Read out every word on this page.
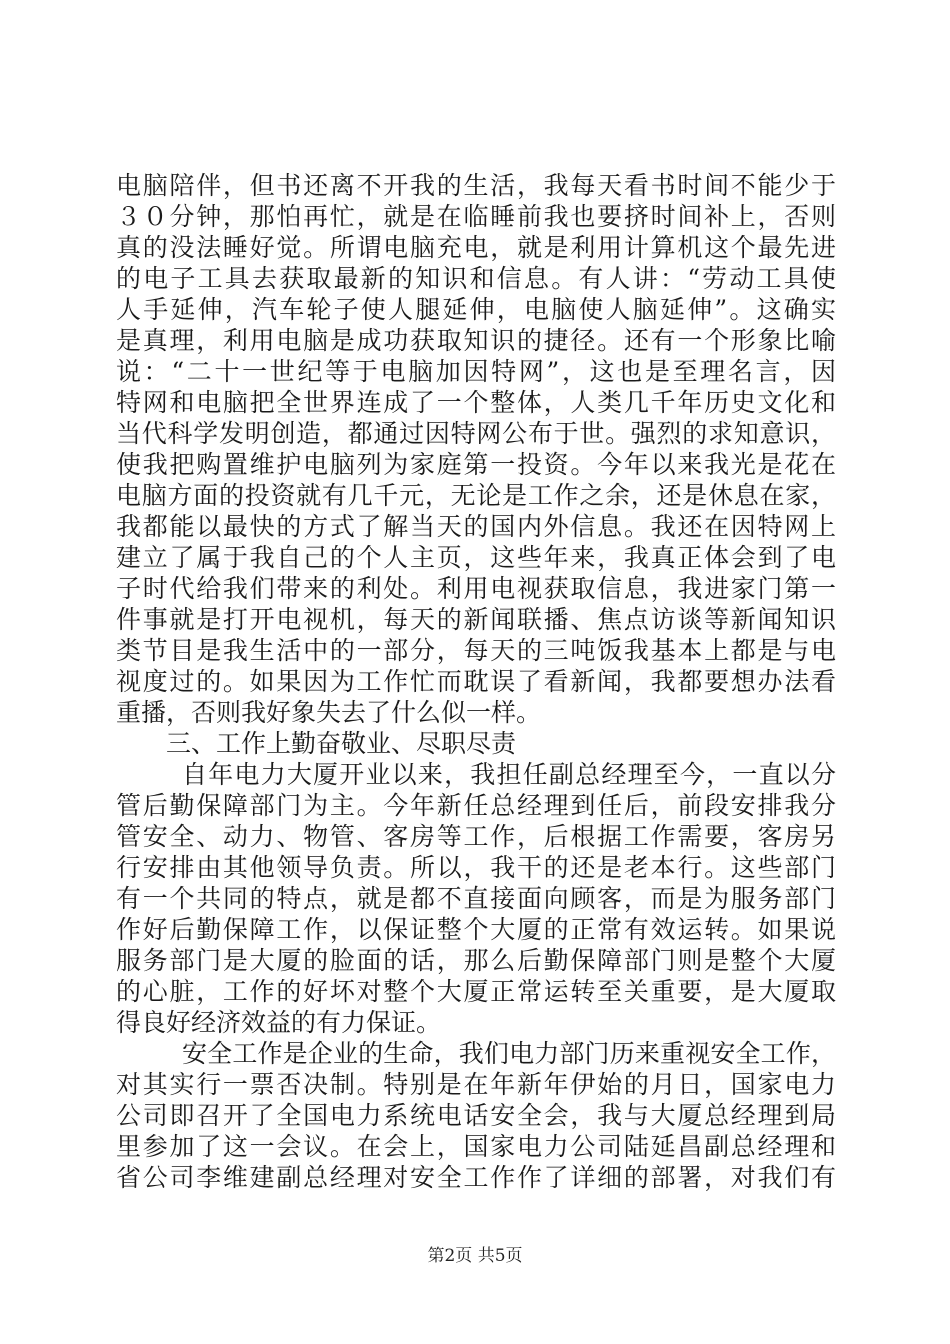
电脑陪伴，但书还离不开我的生活，我每天看书时间不能少于
３０分钟，那怕再忙，就是在临睡前我也要挤时间补上，否则
真的没法睡好觉。所谓电脑充电，就是利用计算机这个最先进
的电子工具去获取最新的知识和信息。有人讲：“劳动工具使
人手延伸，汽车轮子使人腿延伸，电脑使人脑延伸”。这确实
是真理，利用电脑是成功获取知识的捷径。还有一个形象比喻
说：“二十一世纪等于电脑加因特网”，这也是至理名言，因
特网和电脑把全世界连成了一个整体，人类几千年历史文化和
当代科学发明创造，都通过因特网公布于世。强烈的求知意识，
使我把购置维护电脑列为家庭第一投资。今年以来我光是花在
电脑方面的投资就有几千元，无论是工作之余，还是休息在家，
我都能以最快的方式了解当天的国内外信息。我还在因特网上
建立了属于我自己的个人主页，这些年来，我真正体会到了电
子时代给我们带来的利处。利用电视获取信息，我进家门第一
件事就是打开电视机，每天的新闻联播、焦点访谈等新闻知识
类节目是我生活中的一部分，每天的三吨饭我基本上都是与电
视度过的。如果因为工作忙而耽误了看新闻，我都要想办法看
重播，否则我好象失去了什么似一样。
三、工作上勤奋敬业、尽职尽责
自年电力大厦开业以来，我担任副总经理至今，一直以分
管后勤保障部门为主。今年新任总经理到任后，前段安排我分
管安全、动力、物管、客房等工作，后根据工作需要，客房另
行安排由其他领导负责。所以，我干的还是老本行。这些部门
有一个共同的特点，就是都不直接面向顾客，而是为服务部门
作好后勤保障工作，以保证整个大厦的正常有效运转。如果说
服务部门是大厦的脸面的话，那么后勤保障部门则是整个大厦
的心脏，工作的好坏对整个大厦正常运转至关重要，是大厦取
得良好经济效益的有力保证。
安全工作是企业的生命，我们电力部门历来重视安全工作，
对其实行一票否决制。特别是在年新年伊始的月日，国家电力
公司即召开了全国电力系统电话安全会，我与大厦总经理到局
里参加了这一会议。在会上，国家电力公司陆延昌副总经理和
省公司李维建副总经理对安全工作作了详细的部署，对我们有
第2页 共5页
